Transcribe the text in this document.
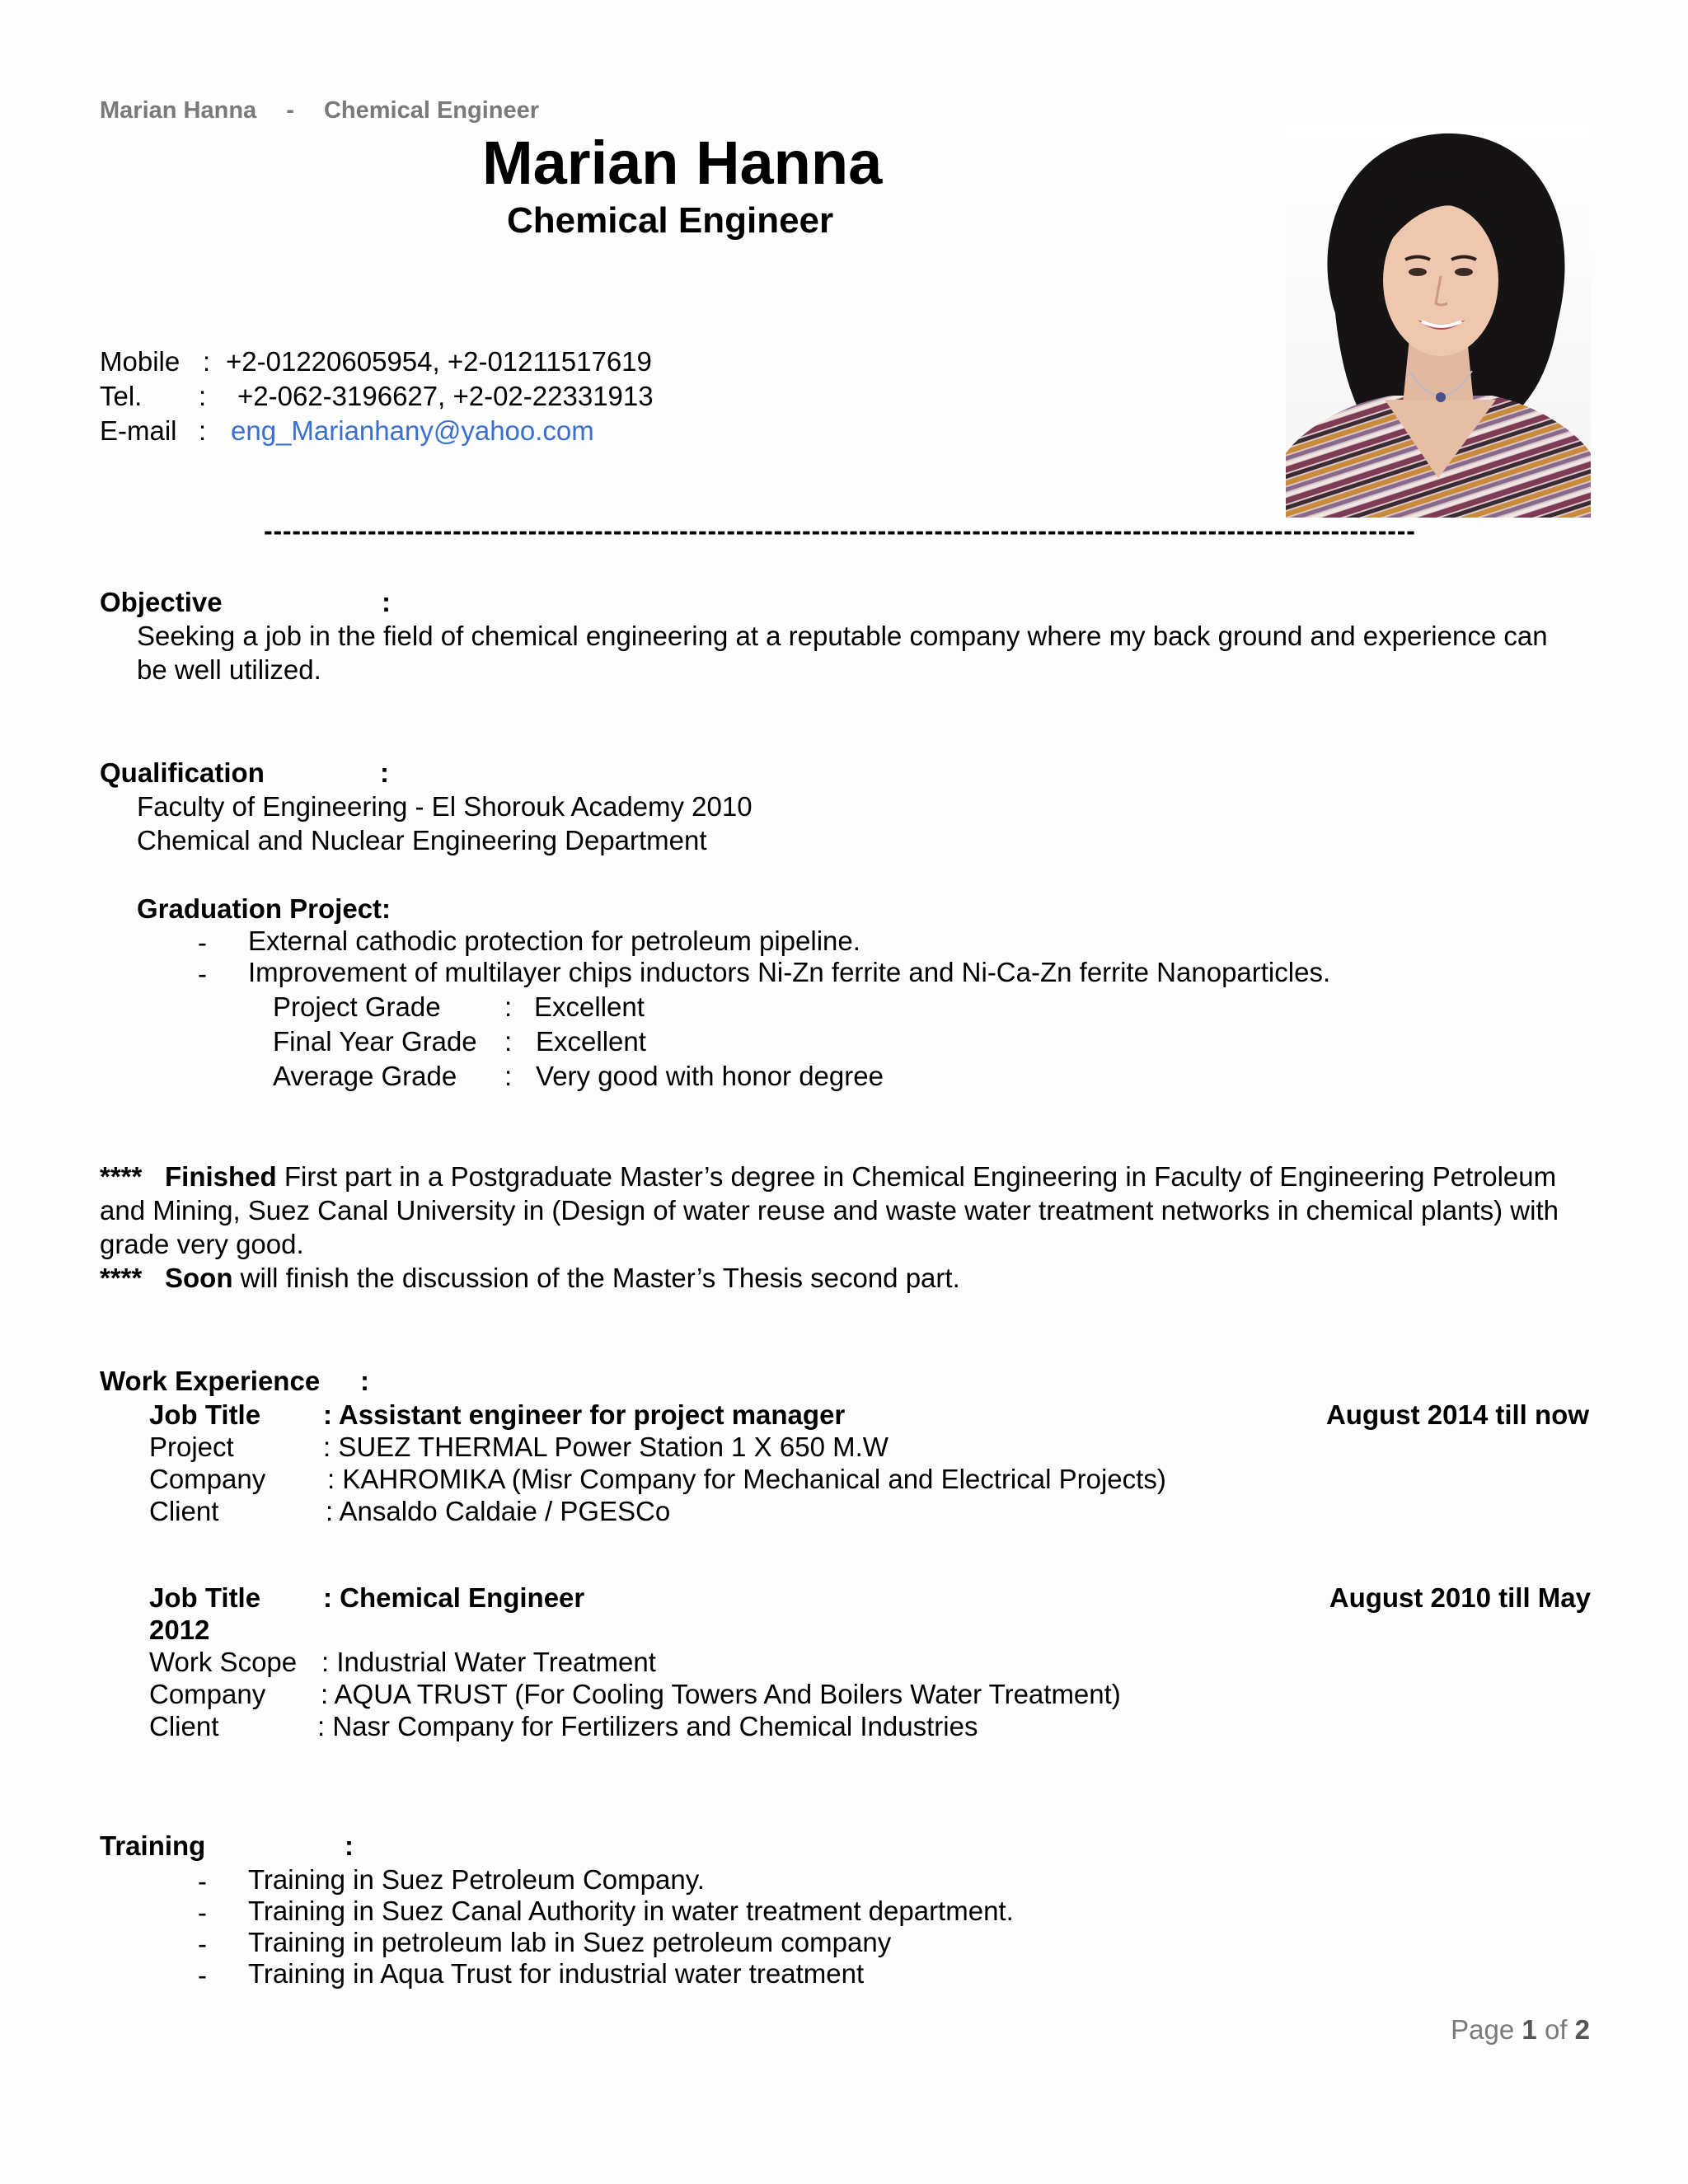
Marian Hanna - Chemical Engineer
Marian Hanna
Chemical Engineer
Mobile : +2-01220605954, +2-01211517619
Tel. : +2-062-3196627, +2-02-22331913
E-mail : eng_Marianhany@yahoo.com
--------------------------------------------------------------------------------------------------------------------------
Objective	:
Seeking a job in the field of chemical engineering at a reputable company where my back ground and experience can
be well utilized.
Qualification	:
Faculty of Engineering - El Shorouk Academy 2010
Chemical and Nuclear Engineering Department
Graduation Project:
- External cathodic protection for petroleum pipeline.
- Improvement of multilayer chips inductors Ni-Zn ferrite and Ni-Ca-Zn ferrite Nanoparticles.
Project Grade : Excellent
Final Year Grade : Excellent
Average Grade : Very good with honor degree
**** Finished First part in a Postgraduate Master’s degree in Chemical Engineering in Faculty of Engineering Petroleum
and Mining, Suez Canal University in (Design of water reuse and waste water treatment networks in chemical plants) with
grade very good.
**** Soon will finish the discussion of the Master’s Thesis second part.
Work Experience :
Job Title : Assistant engineer for project manager	August 2014 till now
Project	: SUEZ THERMAL Power Station 1 X 650 M.W
Company : KAHROMIKA (Misr Company for Mechanical and Electrical Projects)
Client	: Ansaldo Caldaie / PGESCo
Job Title : Chemical Engineer	August 2010 till May
2012
Work Scope : Industrial Water Treatment
Company : AQUA TRUST (For Cooling Towers And Boilers Water Treatment)
Client	: Nasr Company for Fertilizers and Chemical Industries
Training	:
- Training in Suez Petroleum Company.
- Training in Suez Canal Authority in water treatment department.
- Training in petroleum lab in Suez petroleum company
- Training in Aqua Trust for industrial water treatment
Page 1 of 2
